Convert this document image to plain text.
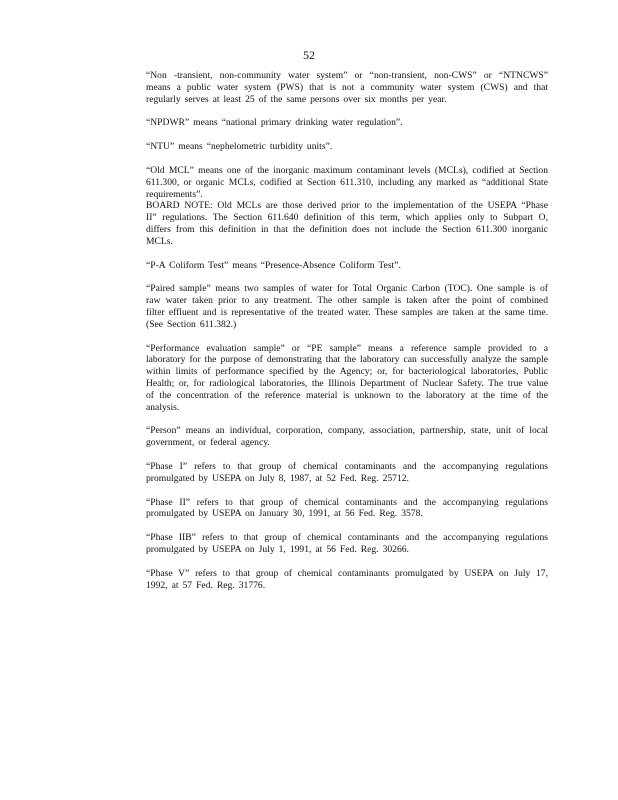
52

“Non -transient, non-community water system” or “non-transient, non-CWS” or “NTNCWS” means a public water system (PWS) that is not a community water system (CWS) and that regularly serves at least 25 of the same persons over six months per year.

“NPDWR” means “national primary drinking water regulation”.

“NTU” means “nephelometric turbidity units”.

“Old MCL” means one of the inorganic maximum contaminant levels (MCLs), codified at Section 611.300, or organic MCLs, codified at Section 611.310, including any marked as “additional State requirements”.

BOARD NOTE: Old MCLs are those derived prior to the implementation of the USEPA “Phase II” regulations. The Section 611.640 definition of this term, which applies only to Subpart O, differs from this definition in that the definition does not include the Section 611.300 inorganic MCLs.

“P-A Coliform Test” means “Presence-Absence Coliform Test”.

“Paired sample” means two samples of water for Total Organic Carbon (TOC). One sample is of raw water taken prior to any treatment. The other sample is taken after the point of combined filter effluent and is representative of the treated water. These samples are taken at the same time. (See Section 611.382.)

“Performance evaluation sample” or “PE sample” means a reference sample provided to a laboratory for the purpose of demonstrating that the laboratory can successfully analyze the sample within limits of performance specified by the Agency; or, for bacteriological laboratories, Public Health; or, for radiological laboratories, the Illinois Department of Nuclear Safety. The true value of the concentration of the reference material is unknown to the laboratory at the time of the analysis.

“Person” means an individual, corporation, company, association, partnership, state, unit of local government, or federal agency.

“Phase I” refers to that group of chemical contaminants and the accompanying regulations promulgated by USEPA on July 8, 1987, at 52 Fed. Reg. 25712.

“Phase II” refers to that group of chemical contaminants and the accompanying regulations promulgated by USEPA on January 30, 1991, at 56 Fed. Reg. 3578.

“Phase IIB” refers to that group of chemical contaminants and the accompanying regulations promulgated by USEPA on July 1, 1991, at 56 Fed. Reg. 30266.

“Phase V” refers to that group of chemical contaminants promulgated by USEPA on July 17, 1992, at 57 Fed. Reg. 31776.
